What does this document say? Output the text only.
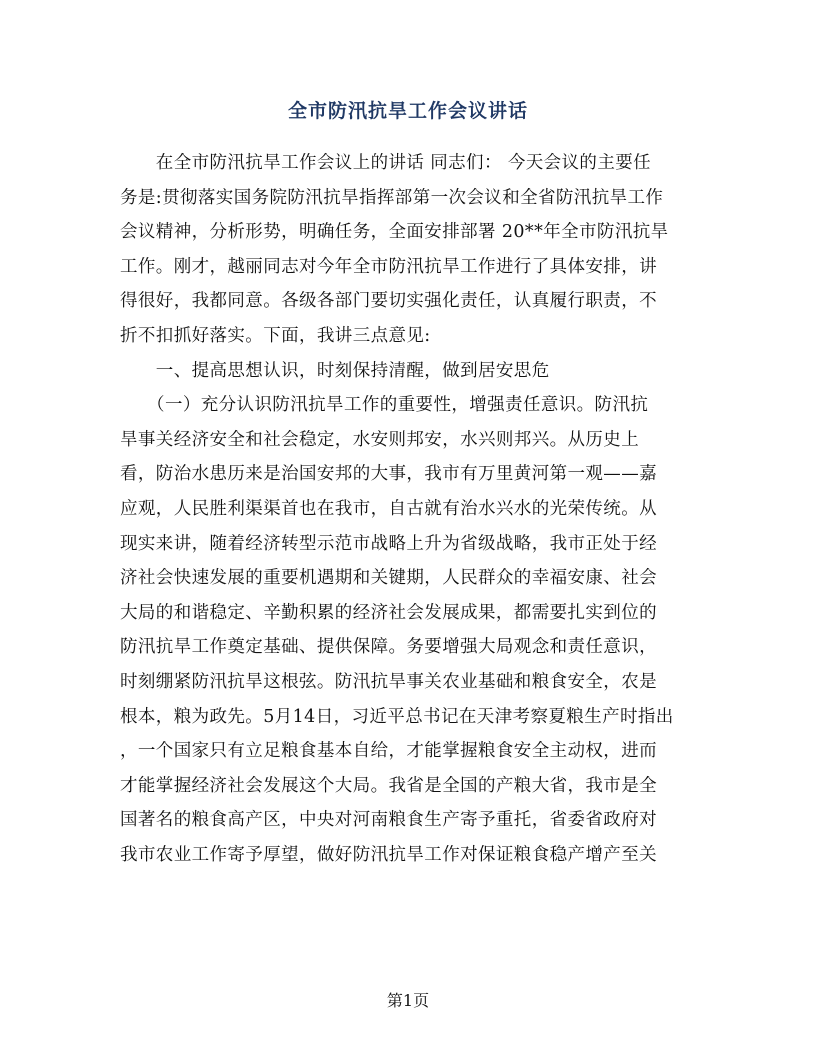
全市防汛抗旱工作会议讲话
　　在全市防汛抗旱工作会议上的讲话 同志们： 今天会议的主要任
务是:贯彻落实国务院防汛抗旱指挥部第一次会议和全省防汛抗旱工作
会议精神，分析形势，明确任务，全面安排部署 20**年全市防汛抗旱
工作。刚才，越丽同志对今年全市防汛抗旱工作进行了具体安排，讲
得很好，我都同意。各级各部门要切实强化责任，认真履行职责，不
折不扣抓好落实。下面，我讲三点意见:
　　一、提高思想认识，时刻保持清醒，做到居安思危
　　（一）充分认识防汛抗旱工作的重要性，增强责任意识。防汛抗
旱事关经济安全和社会稳定，水安则邦安，水兴则邦兴。从历史上
看，防治水患历来是治国安邦的大事，我市有万里黄河第一观——嘉
应观，人民胜利渠渠首也在我市，自古就有治水兴水的光荣传统。从
现实来讲，随着经济转型示范市战略上升为省级战略，我市正处于经
济社会快速发展的重要机遇期和关键期，人民群众的幸福安康、社会
大局的和谐稳定、辛勤积累的经济社会发展成果，都需要扎实到位的
防汛抗旱工作奠定基础、提供保障。务要增强大局观念和责任意识，
时刻绷紧防汛抗旱这根弦。防汛抗旱事关农业基础和粮食安全，农是
根本，粮为政先。5月14日，习近平总书记在天津考察夏粮生产时指出
，一个国家只有立足粮食基本自给，才能掌握粮食安全主动权，进而
才能掌握经济社会发展这个大局。我省是全国的产粮大省，我市是全
国著名的粮食高产区，中央对河南粮食生产寄予重托，省委省政府对
我市农业工作寄予厚望，做好防汛抗旱工作对保证粮食稳产增产至关
第1页
